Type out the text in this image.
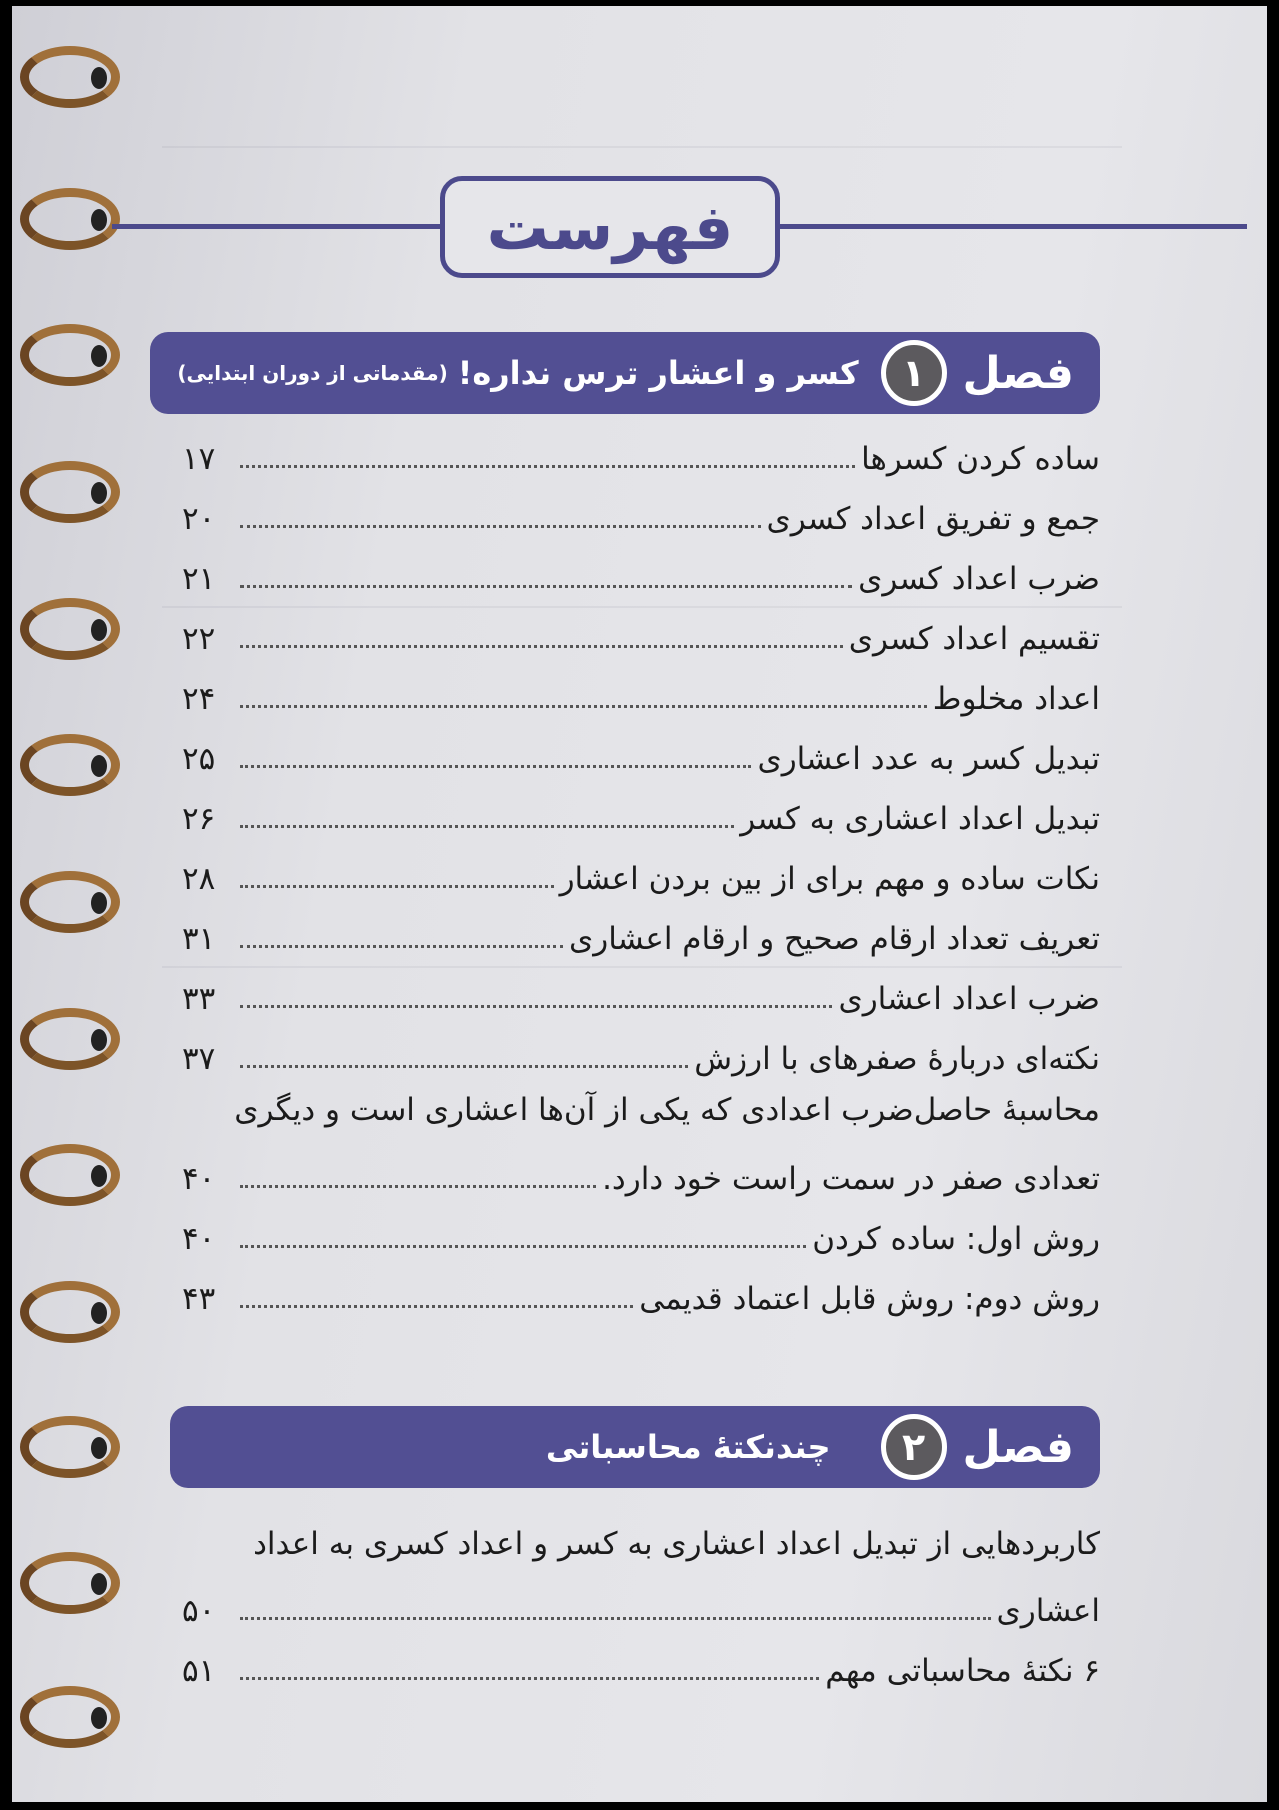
فهرست
فصل
۱
کسر و اعشار ترس نداره!
(مقدماتی از دوران ابتدایی)
ساده کردن کسرها
۱۷
جمع و تفریق اعداد کسری
۲۰
ضرب اعداد کسری
۲۱
تقسیم اعداد کسری
۲۲
اعداد مخلوط
۲۴
تبدیل کسر به عدد اعشاری
۲۵
تبدیل اعداد اعشاری به کسر
۲۶
نکات ساده و مهم برای از بین بردن اعشار
۲۸
تعریف تعداد ارقام صحیح و ارقام اعشاری
۳۱
ضرب اعداد اعشاری
۳۳
نکته‌ای دربارهٔ صفرهای با ارزش
۳۷
محاسبهٔ حاصل‌ضرب اعدادی که یکی از آن‌ها اعشاری است و دیگری
تعدادی صفر در سمت راست خود دارد.
۴۰
روش اول: ساده کردن
۴۰
روش دوم: روش قابل اعتماد قدیمی
۴۳
فصل
۲
چندنکتهٔ محاسباتی
کاربردهایی از تبدیل اعداد اعشاری به کسر و اعداد کسری به اعداد
اعشاری
۵۰
۶ نکتهٔ محاسباتی مهم
۵۱
